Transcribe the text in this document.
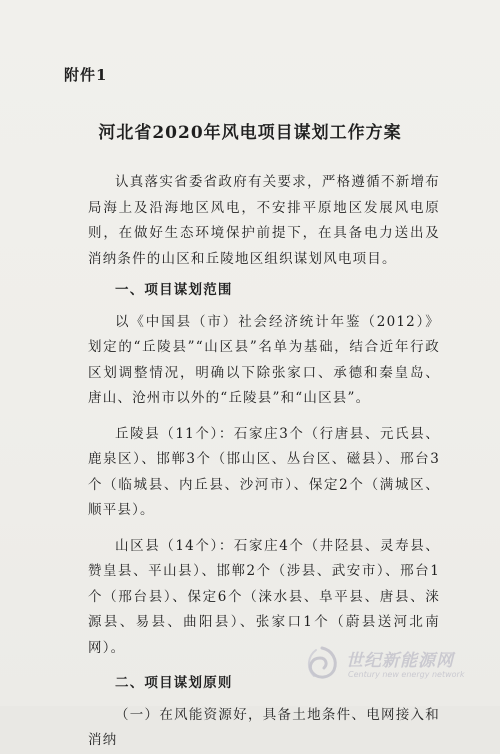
附件1
河北省2020年风电项目谋划工作方案

认真落实省委省政府有关要求，严格遵循不新增布局海上及沿海地区风电，不安排平原地区发展风电原则，在做好生态环境保护前提下，在具备电力送出及消纳条件的山区和丘陵地区组织谋划风电项目。

一、项目谋划范围

以《中国县（市）社会经济统计年鉴（2012）》划定的“丘陵县”“山区县”名单为基础，结合近年行政区划调整情况，明确以下除张家口、承德和秦皇岛、唐山、沧州市以外的“丘陵县”和“山区县”。

丘陵县（11个）：石家庄3个（行唐县、元氏县、鹿泉区）、邯郸3个（邯山区、丛台区、磁县）、邢台3个（临城县、内丘县、沙河市）、保定2个（满城区、顺平县）。

山区县（14个）：石家庄4个（井陉县、灵寿县、赞皇县、平山县）、邯郸2个（涉县、武安市）、邢台1个（邢台县）、保定6个（涞水县、阜平县、唐县、涞源县、易县、曲阳县）、张家口1个（蔚县送河北南网）。

二、项目谋划原则

（一）在风能资源好，具备土地条件、电网接入和消纳

世纪新能源网
Century new energy network
